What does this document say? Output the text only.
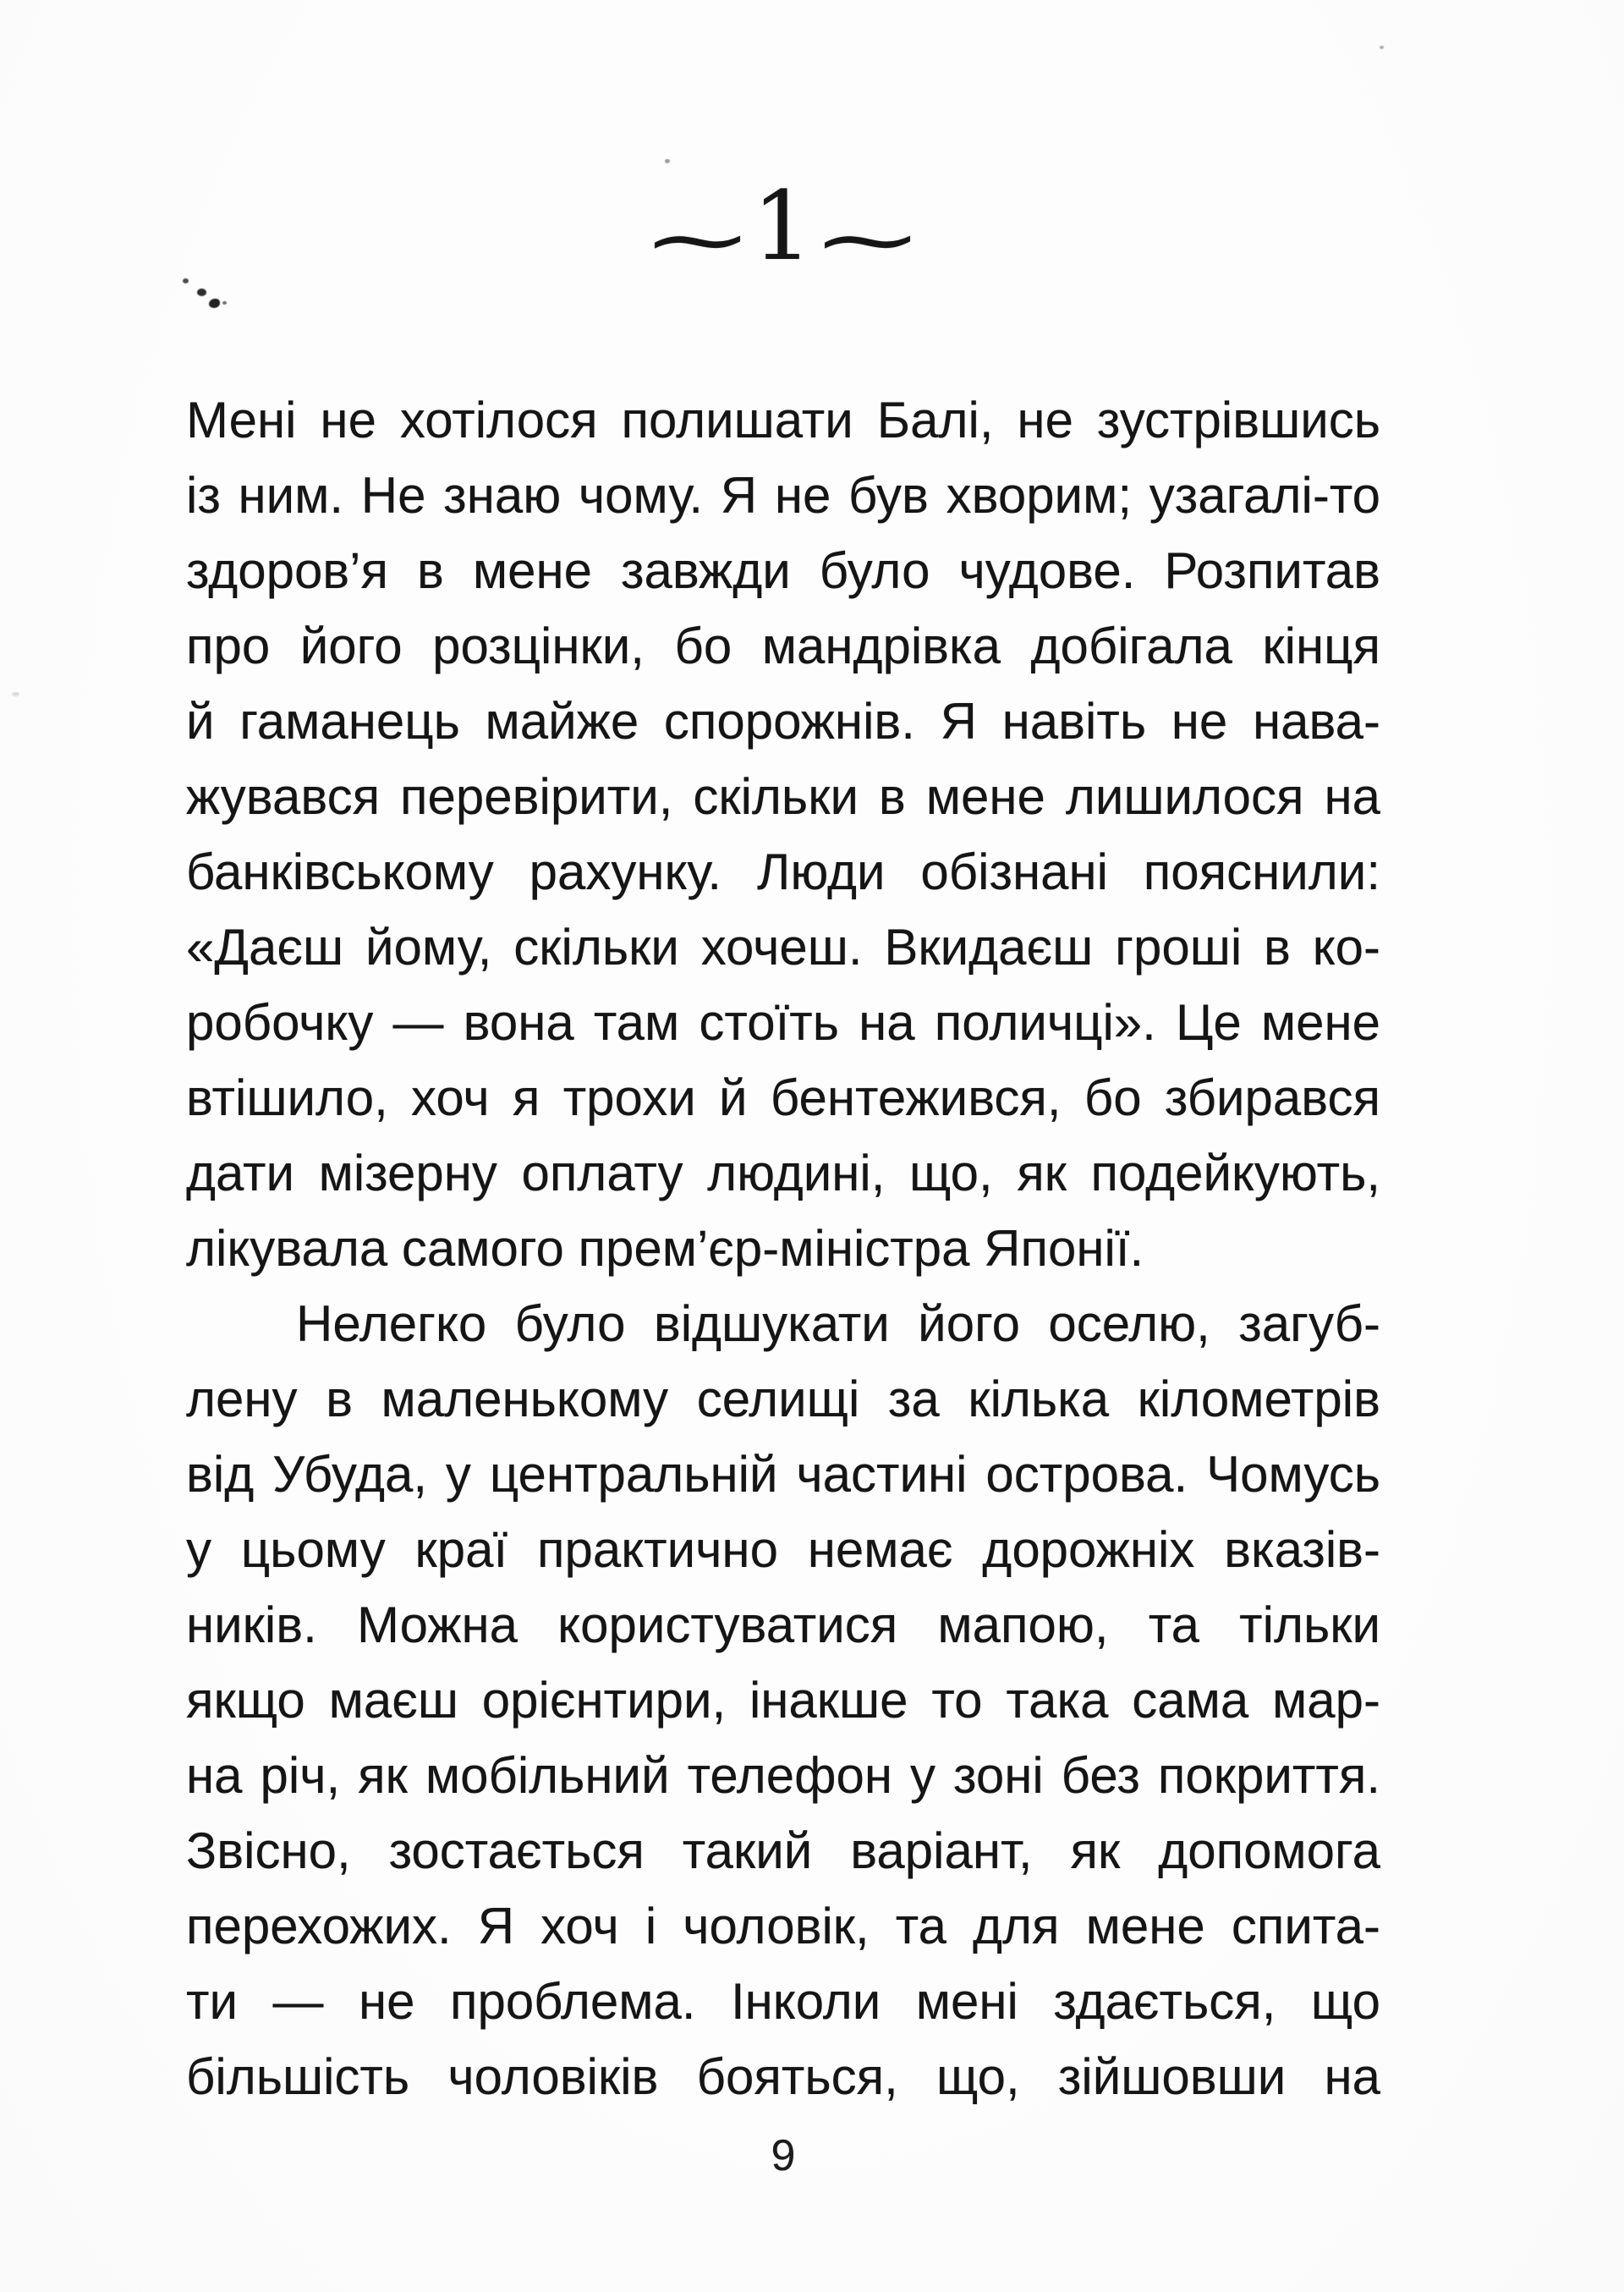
~
1
~
Мені не хотілося полишати Балі, не зустрівшись
із ним. Не знаю чому. Я не був хворим; узагалі-то
здоров’я в мене завжди було чудове. Розпитав
про його розцінки, бо мандрівка добігала кінця
й гаманець майже спорожнів. Я навіть не нава-
жувався перевірити, скільки в мене лишилося на
банківському рахунку. Люди обізнані пояснили:
«Даєш йому, скільки хочеш. Вкидаєш гроші в ко-
робочку — вона там стоїть на поличці». Це мене
втішило, хоч я трохи й бентежився, бо збирався
дати мізерну оплату людині, що, як подейкують,
лікувала самого прем’єр-міністра Японії.
Нелегко було відшукати його оселю, загуб-
лену в маленькому селищі за кілька кілометрів
від Убуда, у центральній частині острова. Чомусь
у цьому краї практично немає дорожніх вказів-
ників. Можна користуватися мапою, та тільки
якщо маєш орієнтири, інакше то така сама мар-
на річ, як мобільний телефон у зоні без покриття.
Звісно, зостається такий варіант, як допомога
перехожих. Я хоч і чоловік, та для мене спита-
ти — не проблема. Інколи мені здається, що
більшість чоловіків бояться, що, зійшовши на
9
